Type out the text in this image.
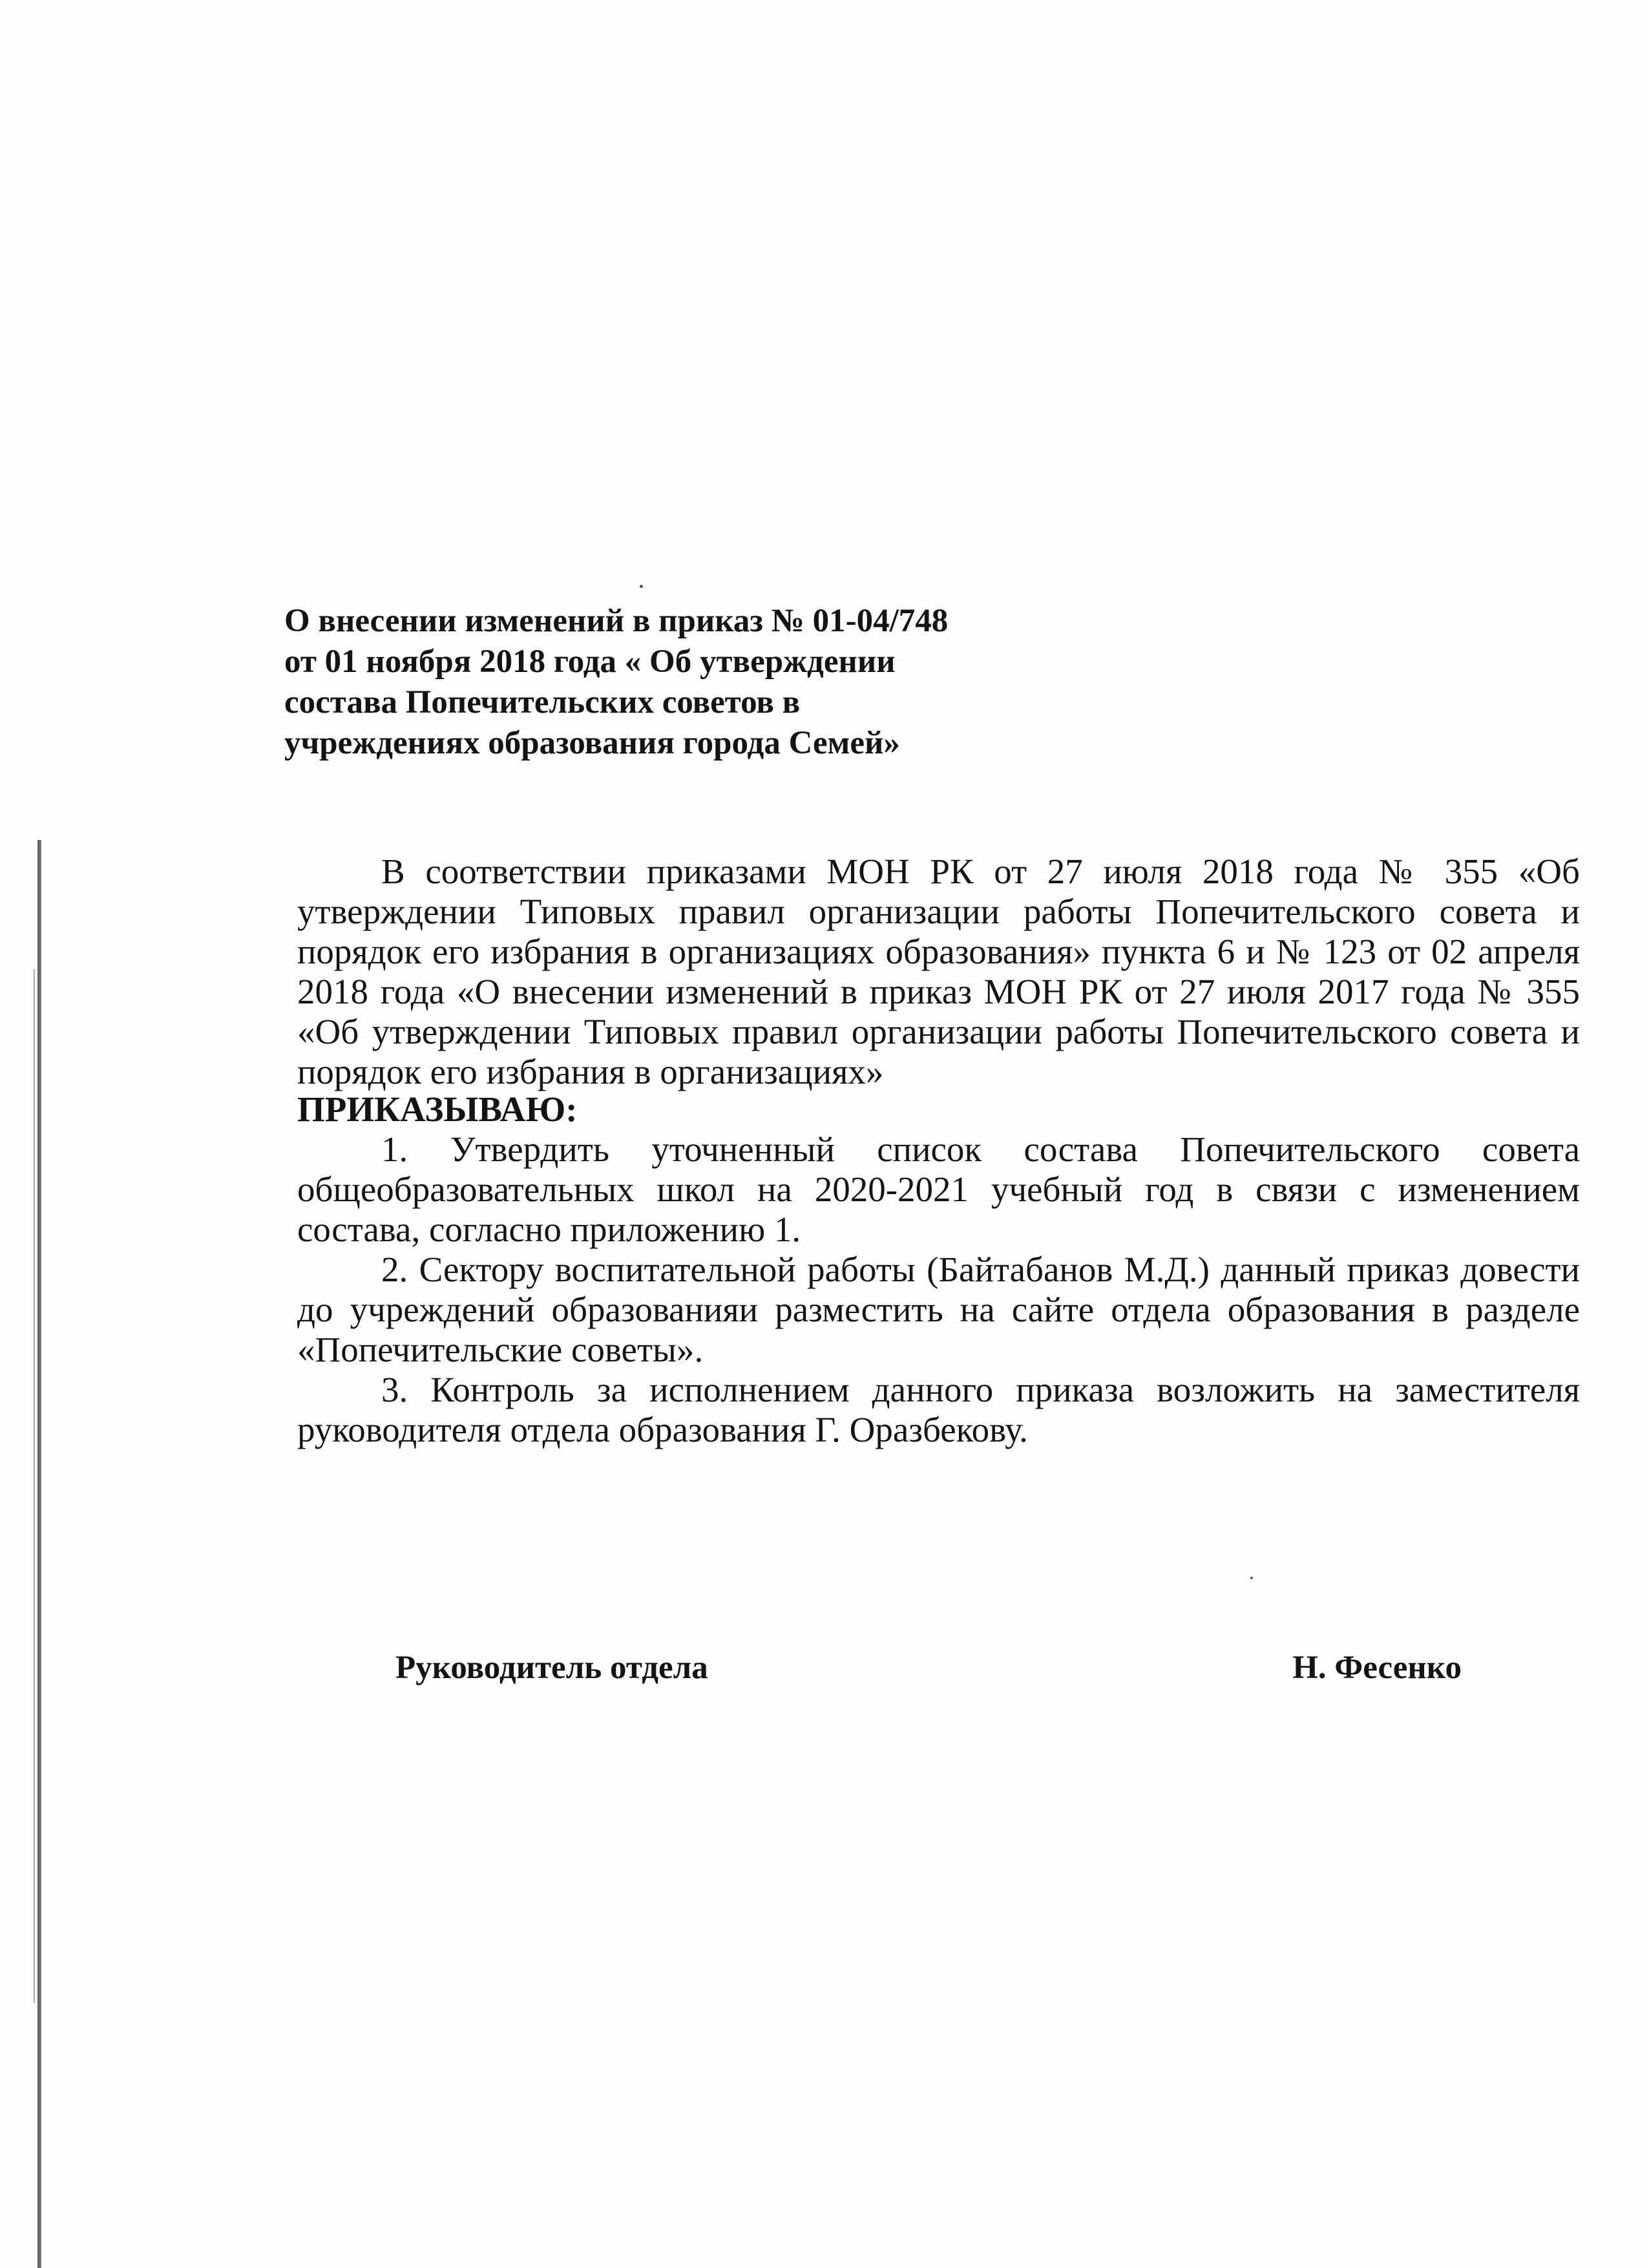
О внесении изменений в приказ № 01-04/748
от 01 ноября 2018 года « Об утверждении
состава Попечительских советов в
учреждениях образования города Семей»

В соответствии приказами МОН РК от 27 июля 2018 года № 355 «Об утверждении Типовых правил организации работы Попечительского совета и порядок его избрания в организациях образования» пункта 6 и № 123 от 02 апреля 2018 года «О внесении изменений в приказ МОН РК от 27 июля 2017 года № 355 «Об утверждении Типовых правил организации работы Попечительского совета и порядок его избрания в организациях»

ПРИКАЗЫВАЮ:

1. Утвердить уточненный список состава Попечительского совета общеобразовательных школ на 2020-2021 учебный год в связи с изменением состава, согласно приложению 1.

2. Сектору воспитательной работы (Байтабанов М.Д.) данный приказ довести до учреждений образованияи разместить на сайте отдела образования в разделе «Попечительские советы».

3. Контроль за исполнением данного приказа возложить на заместителя руководителя отдела образования Г. Оразбекову.

Руководитель отдела	Н. Фесенко
